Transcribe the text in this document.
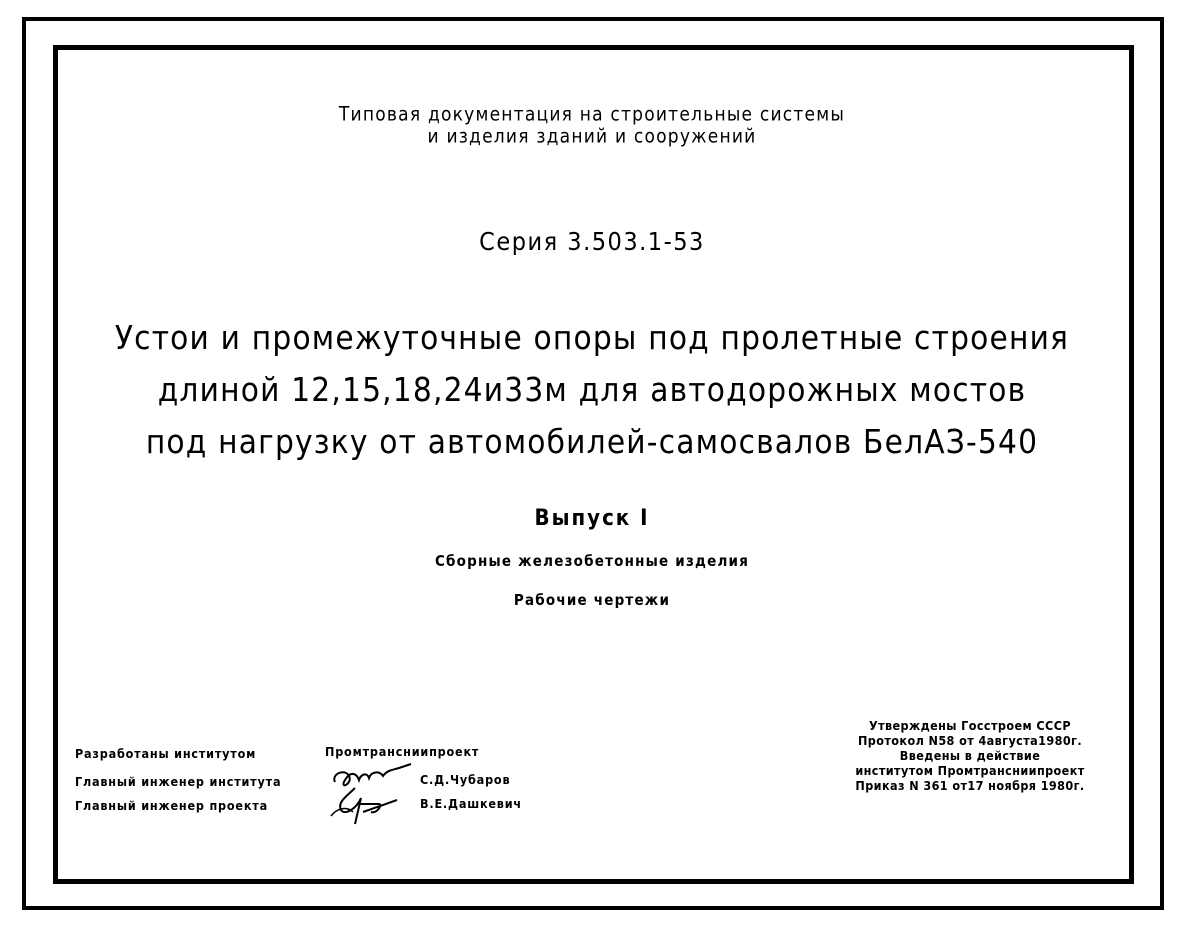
Типовая документация на строительные системы
и изделия зданий и сооружений
Серия 3.503.1-53
Устои и промежуточные опоры под пролетные строения
длиной 12,15,18,24и33м для автодорожных мостов
под нагрузку от автомобилей-самосвалов БелАЗ-540
Выпуск I
Сборные железобетонные изделия
Рабочие чертежи
Разработаны институтом	Промтрансниипроект
Главный инженер института	С.Д.Чубаров
Главный инженер проекта	В.Е.Дашкевич
Утверждены Госстроем СССР
Протокол N58 от 4августа1980г.
Введены в действие
институтом Промтрансниипроект
Приказ N 361 от17 ноября 1980г.
